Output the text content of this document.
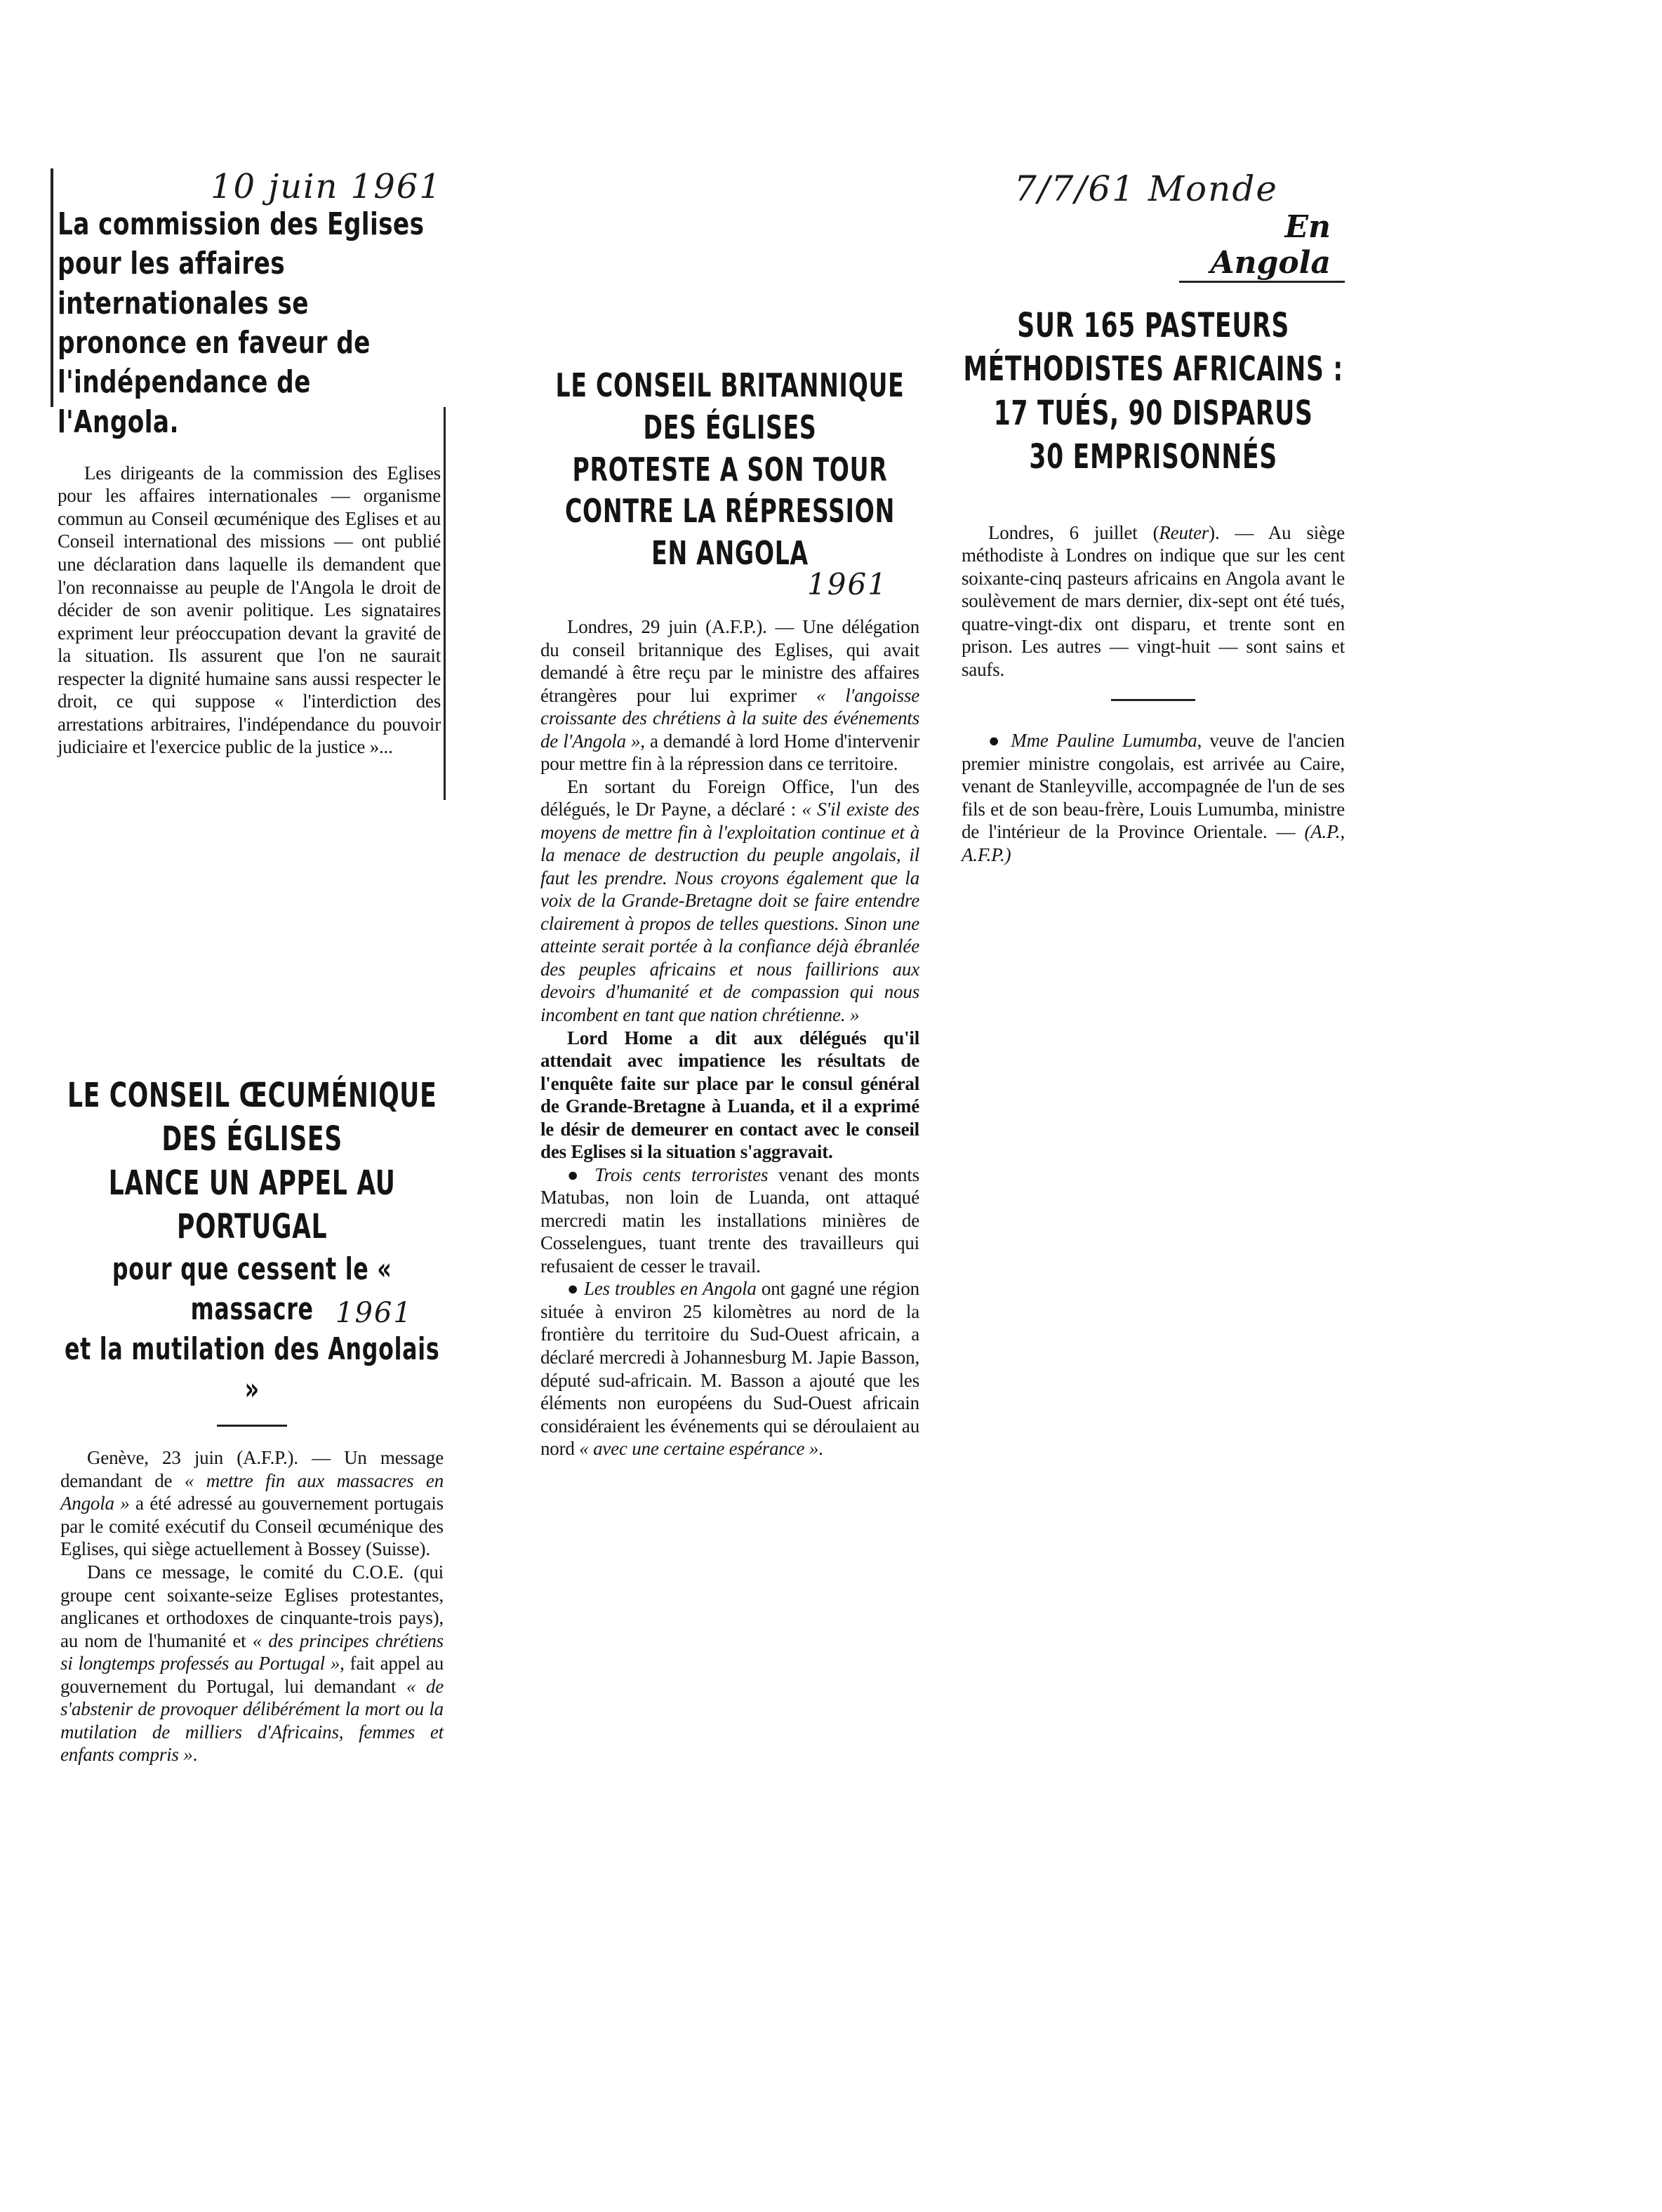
10 juin 1961	7/7/61 Monde
1961
1961
La commission des Eglises pour les affaires internationales se prononce en faveur de l'indépendance de l'Angola.

Les dirigeants de la commission des Eglises pour les affaires internationales — organisme commun au Conseil œcuménique des Eglises et au Conseil international des missions — ont publié une déclaration dans laquelle ils demandent que l'on reconnaisse au peuple de l'Angola le droit de décider de son avenir politique. Les signataires expriment leur préoccupation devant la gravité de la situation. Ils assurent que l'on ne saurait respecter la dignité humaine sans aussi respecter le droit, ce qui suppose « l'interdiction des arrestations arbitraires, l'indépendance du pouvoir judiciaire et l'exercice public de la justice »...

LE CONSEIL BRITANNIQUE
DES ÉGLISES
PROTESTE A SON TOUR
CONTRE LA RÉPRESSION
EN ANGOLA

Londres, 29 juin (A.F.P.). — Une délégation du conseil britannique des Eglises, qui avait demandé à être reçu par le ministre des affaires étrangères pour lui exprimer « l'angoisse croissante des chrétiens à la suite des événements de l'Angola », a demandé à lord Home d'intervenir pour mettre fin à la répression dans ce territoire.

En sortant du Foreign Office, l'un des délégués, le Dr Payne, a déclaré : « S'il existe des moyens de mettre fin à l'exploitation continue et à la menace de destruction du peuple angolais, il faut les prendre. Nous croyons également que la voix de la Grande-Bretagne doit se faire entendre clairement à propos de telles questions. Sinon une atteinte serait portée à la confiance déjà ébranlée des peuples africains et nous faillirions aux devoirs d'humanité et de compassion qui nous incombent en tant que nation chrétienne. »

Lord Home a dit aux délégués qu'il attendait avec impatience les résultats de l'enquête faite sur place par le consul général de Grande-Bretagne à Luanda, et il a exprimé le désir de demeurer en contact avec le conseil des Eglises si la situation s'aggravait.

● Trois cents terroristes venant des monts Matubas, non loin de Luanda, ont attaqué mercredi matin les installations minières de Cosselengues, tuant trente des travailleurs qui refusaient de cesser le travail.

● Les troubles en Angola ont gagné une région située à environ 25 kilomètres au nord de la frontière du territoire du Sud-Ouest africain, a déclaré mercredi à Johannesburg M. Japie Basson, député sud-africain. M. Basson a ajouté que les éléments non européens du Sud-Ouest africain considéraient les événements qui se déroulaient au nord « avec une certaine espérance ».

En Angola
SUR 165 PASTEURS
MÉTHODISTES AFRICAINS :
17 TUÉS, 90 DISPARUS
30 EMPRISONNÉS

Londres, 6 juillet (Reuter). — Au siège méthodiste à Londres on indique que sur les cent soixante-cinq pasteurs africains en Angola avant le soulèvement de mars dernier, dix-sept ont été tués, quatre-vingt-dix ont disparu, et trente sont en prison. Les autres — vingt-huit — sont sains et saufs.

● Mme Pauline Lumumba, veuve de l'ancien premier ministre congolais, est arrivée au Caire, venant de Stanleyville, accompagnée de l'un de ses fils et de son beau-frère, Louis Lumumba, ministre de l'intérieur de la Province Orientale. — (A.P., A.F.P.)

LE CONSEIL ŒCUMÉNIQUE
DES ÉGLISES
LANCE UN APPEL AU PORTUGAL
pour que cessent le « massacre
et la mutilation des Angolais »

Genève, 23 juin (A.F.P.). — Un message demandant de « mettre fin aux massacres en Angola » a été adressé au gouvernement portugais par le comité exécutif du Conseil œcuménique des Eglises, qui siège actuellement à Bossey (Suisse).

Dans ce message, le comité du C.O.E. (qui groupe cent soixante-seize Eglises protestantes, anglicanes et orthodoxes de cinquante-trois pays), au nom de l'humanité et « des principes chrétiens si longtemps professés au Portugal », fait appel au gouvernement du Portugal, lui demandant « de s'abstenir de provoquer délibérément la mort ou la mutilation de milliers d'Africains, femmes et enfants compris ».
